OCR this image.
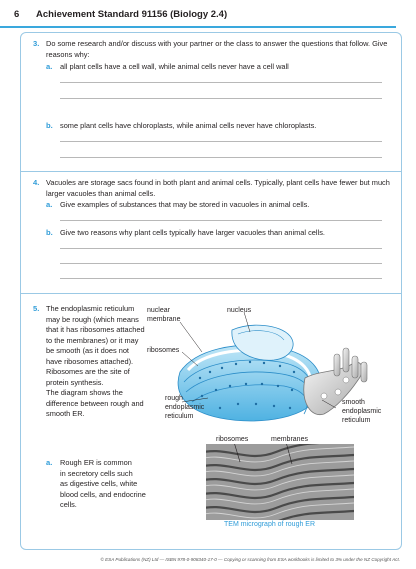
6 Achievement Standard 91156 (Biology 2.4)
3. Do some research and/or discuss with your partner or the class to answer the questions that follow. Give
reasons why:
a. all plant cells have a cell wall, while animal cells never have a cell wall
b. some plant cells have chloroplasts, while animal cells never have chloroplasts.
4. Vacuoles are storage sacs found in both plant and animal cells. Typically, plant cells have fewer but much
larger vacuoles than animal cells.
a. Give examples of substances that may be stored in vacuoles in animal cells.
b. Give two reasons why plant cells typically have larger vacuoles than animal cells.
5. The endoplasmic reticulum
may be rough (which means
that it has ribosomes attached
to the membranes) or it may
be smooth (as it does not
have ribosomes attached).
Ribosomes are the site of
protein synthesis.
The diagram shows the
difference between rough and
smooth ER.
nuclear
membrane
nucleus
ribosomes
rough
endoplasmic
reticulum
smooth
endoplasmic
reticulum
a. Rough ER is common
in secretory cells such
as digestive cells, white
blood cells, and endocrine
cells.
ribosomes	membranes
TEM micrograph of rough ER
© ESA Publications (NZ) Ltd — ISBN 978-0-908340-17-0 — Copying or scanning from ESA workbooks is limited to 3% under the NZ Copyright Act.
